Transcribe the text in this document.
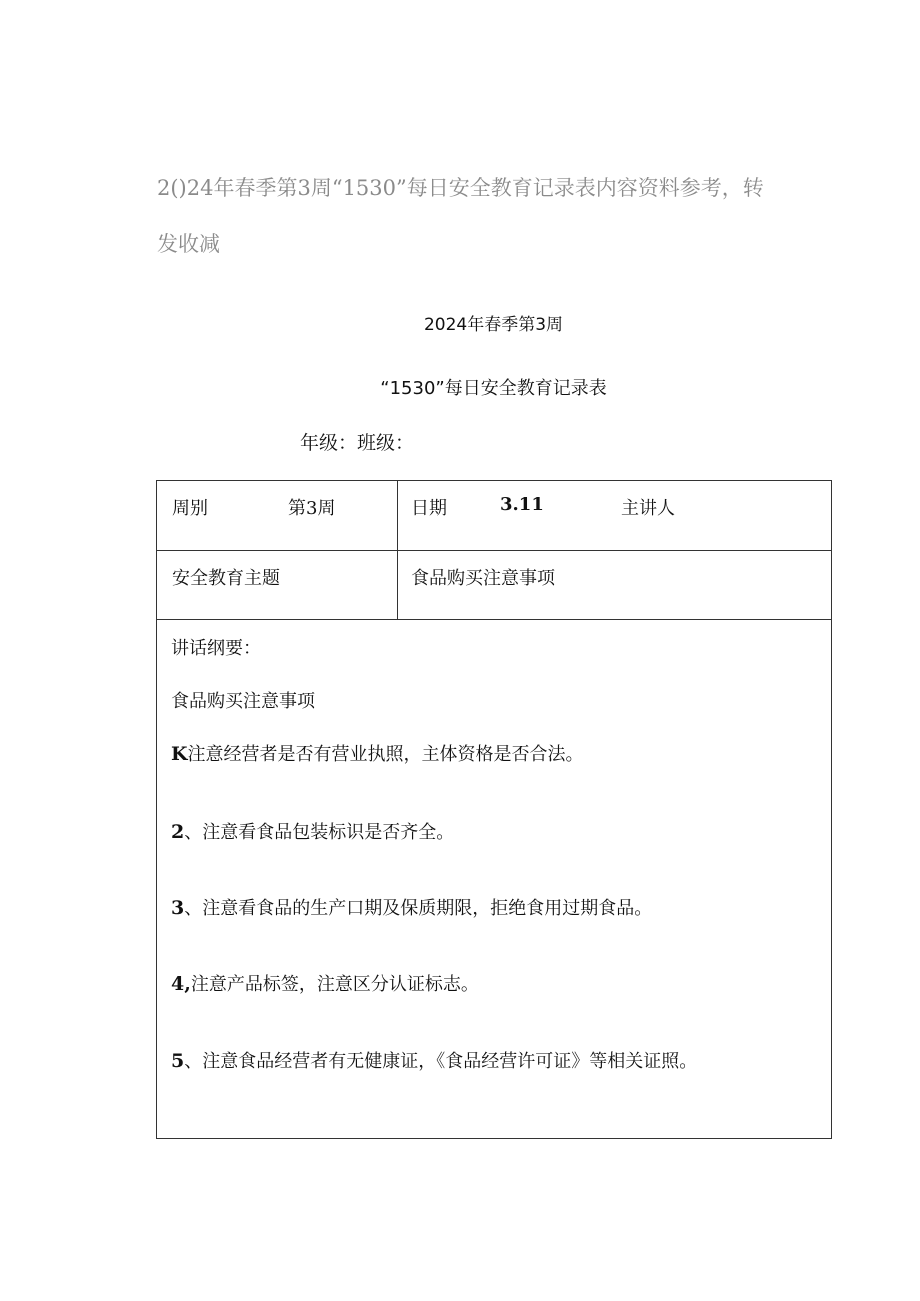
2()24年春季第3周“1530”每日安全教育记录表内容资料参考，转
发收减
2024年春季第3周
“1530”每日安全教育记录表
年级：班级：
周别	第3周	日期	3.11	主讲人
安全教育主题	食品购买注意事项
讲话纲要：
食品购买注意事项
K注意经营者是否有营业执照，主体资格是否合法。
2、注意看食品包装标识是否齐全。
3、注意看食品的生产口期及保质期限，拒绝食用过期食品。
4,注意产品标签，注意区分认证标志。
5、注意食品经营者有无健康证，《食品经营许可证》等相关证照。
